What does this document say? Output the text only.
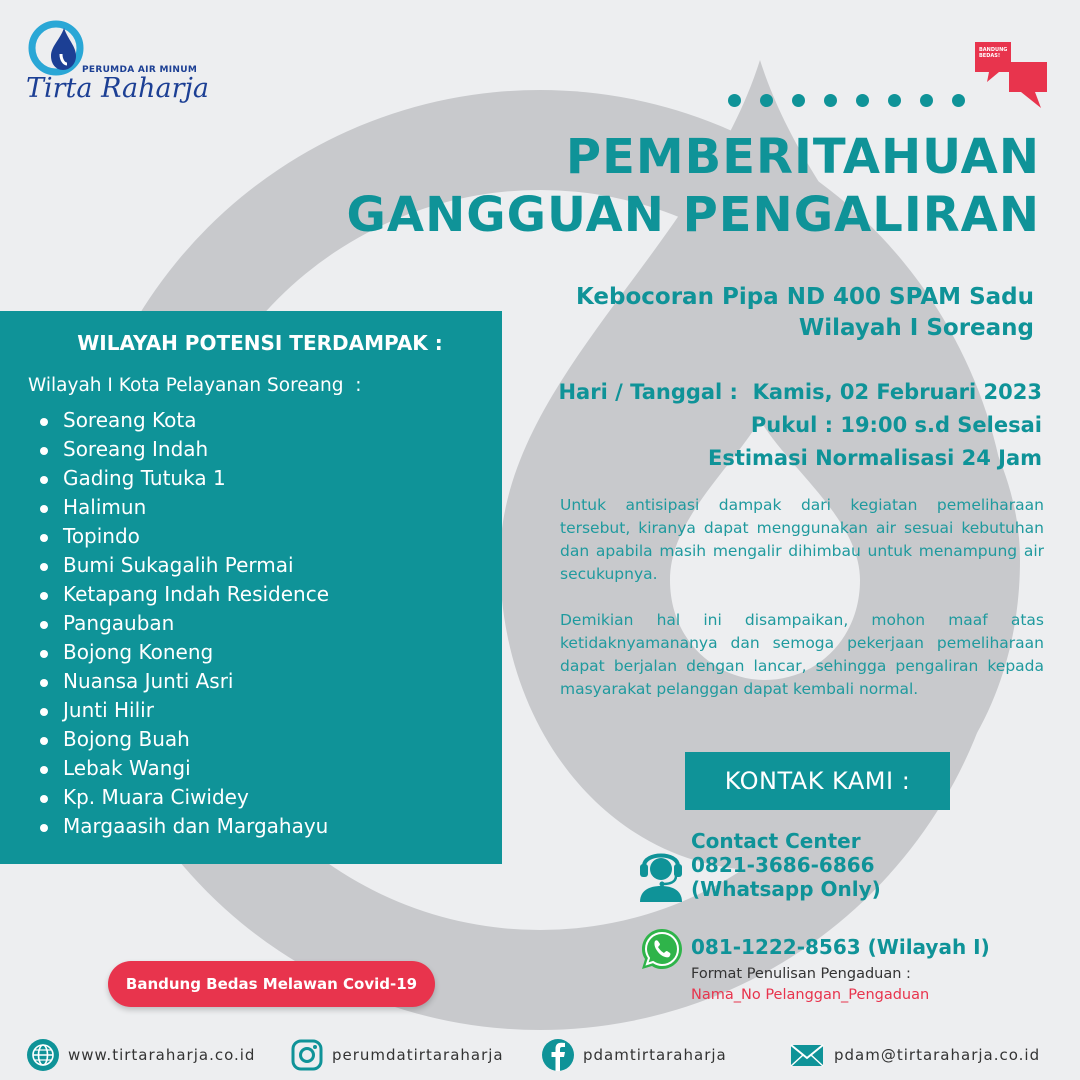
PERUMDA AIR MINUM
Tirta Raharja
BANDUNG
BEDAS!
PEMBERITAHUAN
GANGGUAN PENGALIRAN
Kebocoran Pipa ND 400 SPAM Sadu
Wilayah I Soreang
Hari / Tanggal :  Kamis, 02 Februari 2023
Pukul : 19:00 s.d Selesai
Estimasi Normalisasi 24 Jam
Untuk antisipasi dampak dari kegiatan pemeliharaan tersebut, kiranya dapat menggunakan air sesuai kebutuhan dan apabila masih mengalir dihimbau untuk menampung air secukupnya.
Demikian hal ini disampaikan, mohon maaf atas ketidaknyamananya dan semoga pekerjaan pemeliharaan dapat berjalan dengan lancar, sehingga pengaliran kepada masyarakat pelanggan dapat kembali normal.
WILAYAH POTENSI TERDAMPAK :
Wilayah I Kota Pelayanan Soreang  :
Soreang Kota
Soreang Indah
Gading Tutuka 1
Halimun
Topindo
Bumi Sukagalih Permai
Ketapang Indah Residence
Pangauban
Bojong Koneng
Nuansa Junti Asri
Junti Hilir
Bojong Buah
Lebak Wangi
Kp. Muara Ciwidey
Margaasih dan Margahayu
Bandung Bedas Melawan Covid-19
KONTAK KAMI :
Contact Center
0821-3686-6866
(Whatsapp Only)
081-1222-8563 (Wilayah I)
Format Penulisan Pengaduan :
Nama_No Pelanggan_Pengaduan
www.tirtaraharja.co.id	perumdatirtaraharja	pdamtirtaraharja	pdam@tirtaraharja.co.id
